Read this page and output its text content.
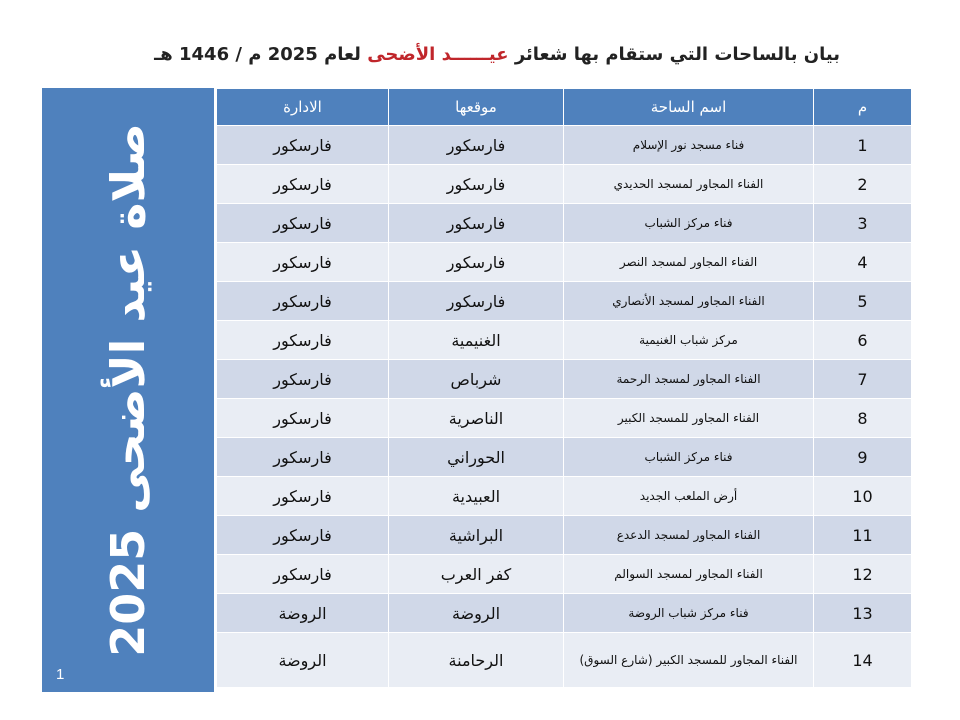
بيان بالساحات التي ستقام بها شعائر عيــــــد الأضحى لعام 2025 م / 1446 هـ
صلاة عيد الأضحى 2025
1
م	اسم الساحة	موقعها	الادارة
1	فناء مسجد نور الإسلام	فارسكور	فارسكور
2	الفناء المجاور لمسجد الحديدي	فارسكور	فارسكور
3	فناء مركز الشباب	فارسكور	فارسكور
4	الفناء المجاور لمسجد النصر	فارسكور	فارسكور
5	الفناء المجاور لمسجد الأنصاري	فارسكور	فارسكور
6	مركز شباب الغنيمية	الغنيمية	فارسكور
7	الفناء المجاور لمسجد الرحمة	شرباص	فارسكور
8	الفناء المجاور للمسجد الكبير	الناصرية	فارسكور
9	فناء مركز الشباب	الحوراني	فارسكور
10	أرض الملعب الجديد	العبيدية	فارسكور
11	الفناء المجاور لمسجد الدعدع	البراشية	فارسكور
12	الفناء المجاور لمسجد السوالم	كفر العرب	فارسكور
13	فناء مركز شباب الروضة	الروضة	الروضة
14	الفناء المجاور للمسجد الكبير (شارع السوق)	الرحامنة	الروضة
